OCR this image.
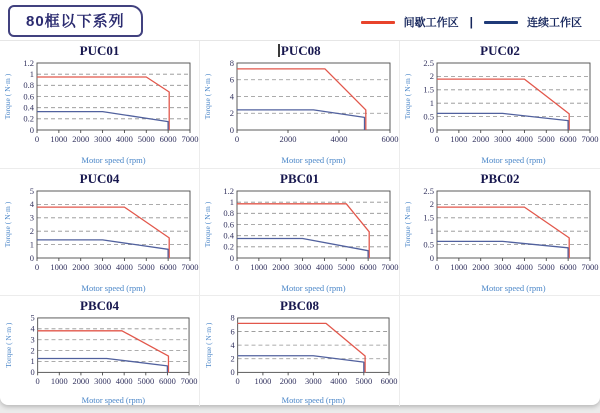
80框以下系列	间歇工作区 |	连续工作区
PUC01
0
0.2
0.4
0.6
0.8
1
1.2
0 1000 2000 3000 4000 5000 6000 7000
Torque ( N·m )
Motor speed (rpm)
PUC08
0
2
4
6
8
0	2000	4000	6000
Torque ( N·m )
Motor speed (rpm)
PUC02
0
0.5
1
1.5
2
2.5
0 1000 2000 3000 4000 5000 6000 7000
Torque ( N·m )
Motor speed (rpm)
PUC04
0
1
2
3
4
5
0 1000 2000 3000 4000 5000 6000 7000
Torque ( N·m )
Motor speed (rpm)
PBC01
0
0.2
0.4
0.6
0.8
1
1.2
0 1000 2000 3000 4000 5000 6000 7000
Torque ( N·m )
Motor speed (rpm)
PBC02
0
0.5
1
1.5
2
2.5
0 1000 2000 3000 4000 5000 6000 7000
Torque ( N·m )
Motor speed (rpm)
PBC04
0
1
2
3
4
5
0 1000 2000 3000 4000 5000 6000 7000
Torque ( N·m )
Motor speed (rpm)
PBC08
0
2
4
6
8
0 1000 2000 3000 4000 5000 6000
Torque ( N·m )
Motor speed (rpm)
